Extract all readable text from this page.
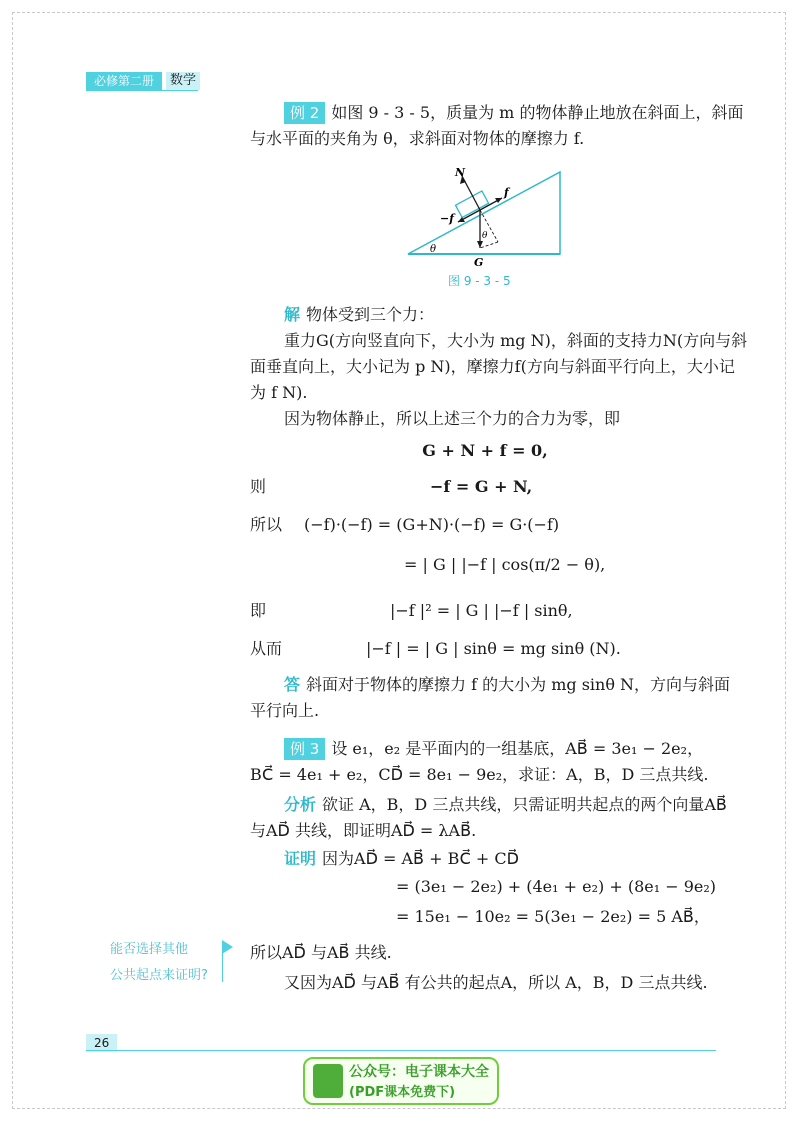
必修第二册	数学
例 2 如图 9 - 3 - 5，质量为 m 的物体静止地放在斜面上，斜面
与水平面的夹角为 θ，求斜面对物体的摩擦力 f.
N
f
−f
θ
θ
G
图 9 - 3 - 5
解 物体受到三个力：
重力G(方向竖直向下，大小为 mg N)，斜面的支持力N(方向与斜
面垂直向上，大小记为 p N)，摩擦力f(方向与斜面平行向上，大小记
为 f N).
因为物体静止，所以上述三个力的合力为零，即
G + N + f = 0,
则	−f = G + N,
所以 (−f)·(−f) = (G+N)·(−f) = G·(−f)
= | G | |−f | cos(π/2 − θ),
即	|−f |² = | G | |−f | sinθ,
从而	|−f | = | G | sinθ = mg sinθ (N).
答 斜面对于物体的摩擦力 f 的大小为 mg sinθ N，方向与斜面
平行向上.
例 3 设 e₁，e₂ 是平面内的一组基底，AB⃗ = 3e₁ − 2e₂，
BC⃗ = 4e₁ + e₂，CD⃗ = 8e₁ − 9e₂，求证：A，B，D 三点共线.
分析 欲证 A，B，D 三点共线，只需证明共起点的两个向量AB⃗
与AD⃗ 共线，即证明AD⃗ = λAB⃗.
证明 因为AD⃗ = AB⃗ + BC⃗ + CD⃗
= (3e₁ − 2e₂) + (4e₁ + e₂) + (8e₁ − 9e₂)
= 15e₁ − 10e₂ = 5(3e₁ − 2e₂) = 5 AB⃗，
所以AD⃗ 与AB⃗ 共线.
又因为AD⃗ 与AB⃗ 有公共的起点A，所以 A，B，D 三点共线.
能否选择其他
公共起点来证明?
26
公众号：电子课本大全
(PDF课本免费下)
